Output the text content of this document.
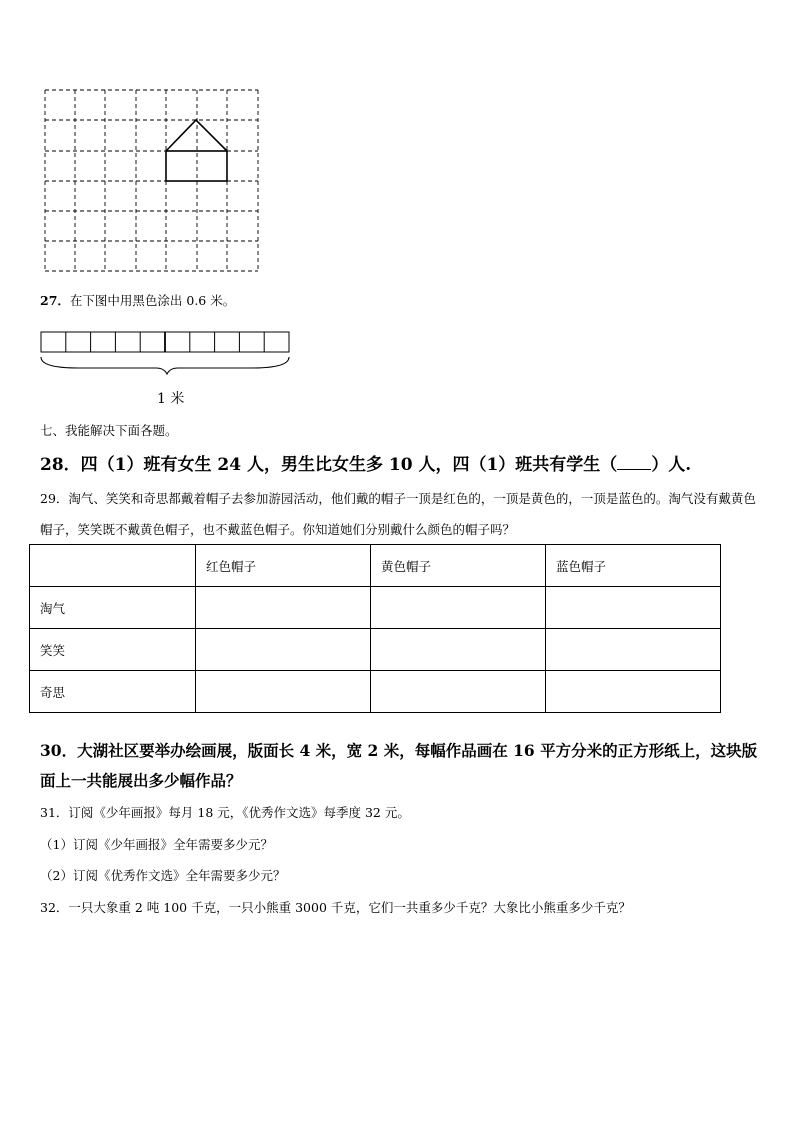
27．在下图中用黑色涂出 0.6 米。
1 米
七、我能解决下面各题。
28．四（1）班有女生 24 人，男生比女生多 10 人，四（1）班共有学生（ ）人.
29．淘气、笑笑和奇思都戴着帽子去参加游园活动，他们戴的帽子一顶是红色的，一顶是黄色的，一顶是蓝色的。淘气没有戴黄色帽子，笑笑既不戴黄色帽子，也不戴蓝色帽子。你知道她们分别戴什么颜色的帽子吗？
	红色帽子	黄色帽子	蓝色帽子
淘气			
笑笑			
奇思			
30．大湖社区要举办绘画展，版面长 4 米，宽 2 米，每幅作品画在 16 平方分米的正方形纸上，这块版面上一共能展出多少幅作品？
31．订阅《少年画报》每月 18 元，《优秀作文选》每季度 32 元。
（1）订阅《少年画报》全年需要多少元？
（2）订阅《优秀作文选》全年需要多少元？
32．一只大象重 2 吨 100 千克，一只小熊重 3000 千克，它们一共重多少千克？大象比小熊重多少千克？
